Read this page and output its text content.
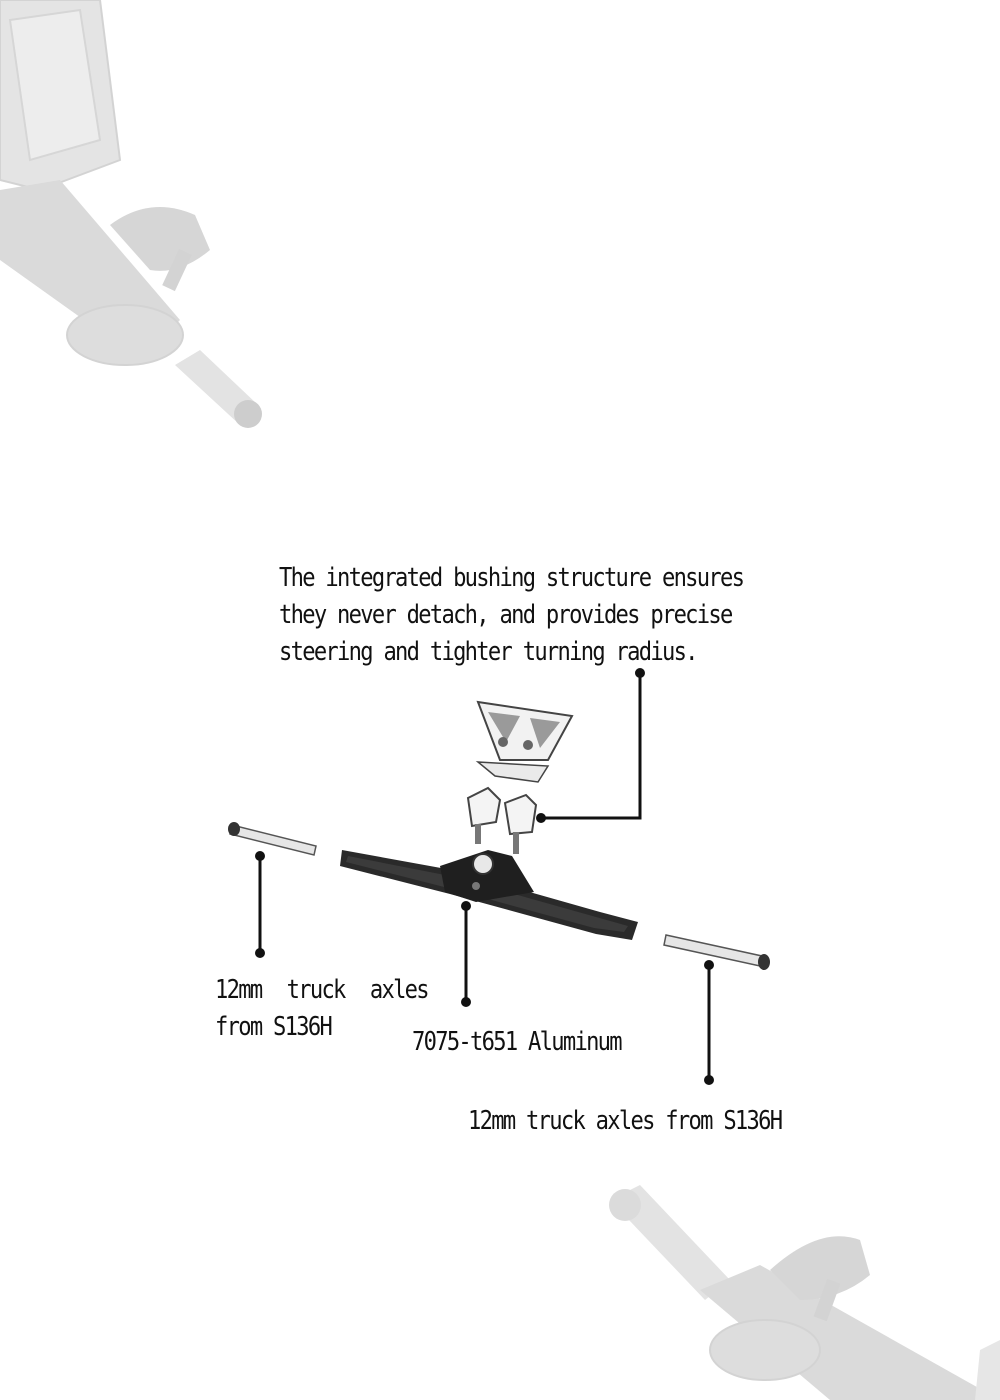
The integrated bushing structure ensures
they never detach, and provides precise
steering and tighter turning radius.
12mm truck axles
from S136H	7075-t651 Aluminum
12mm truck axles from S136H
